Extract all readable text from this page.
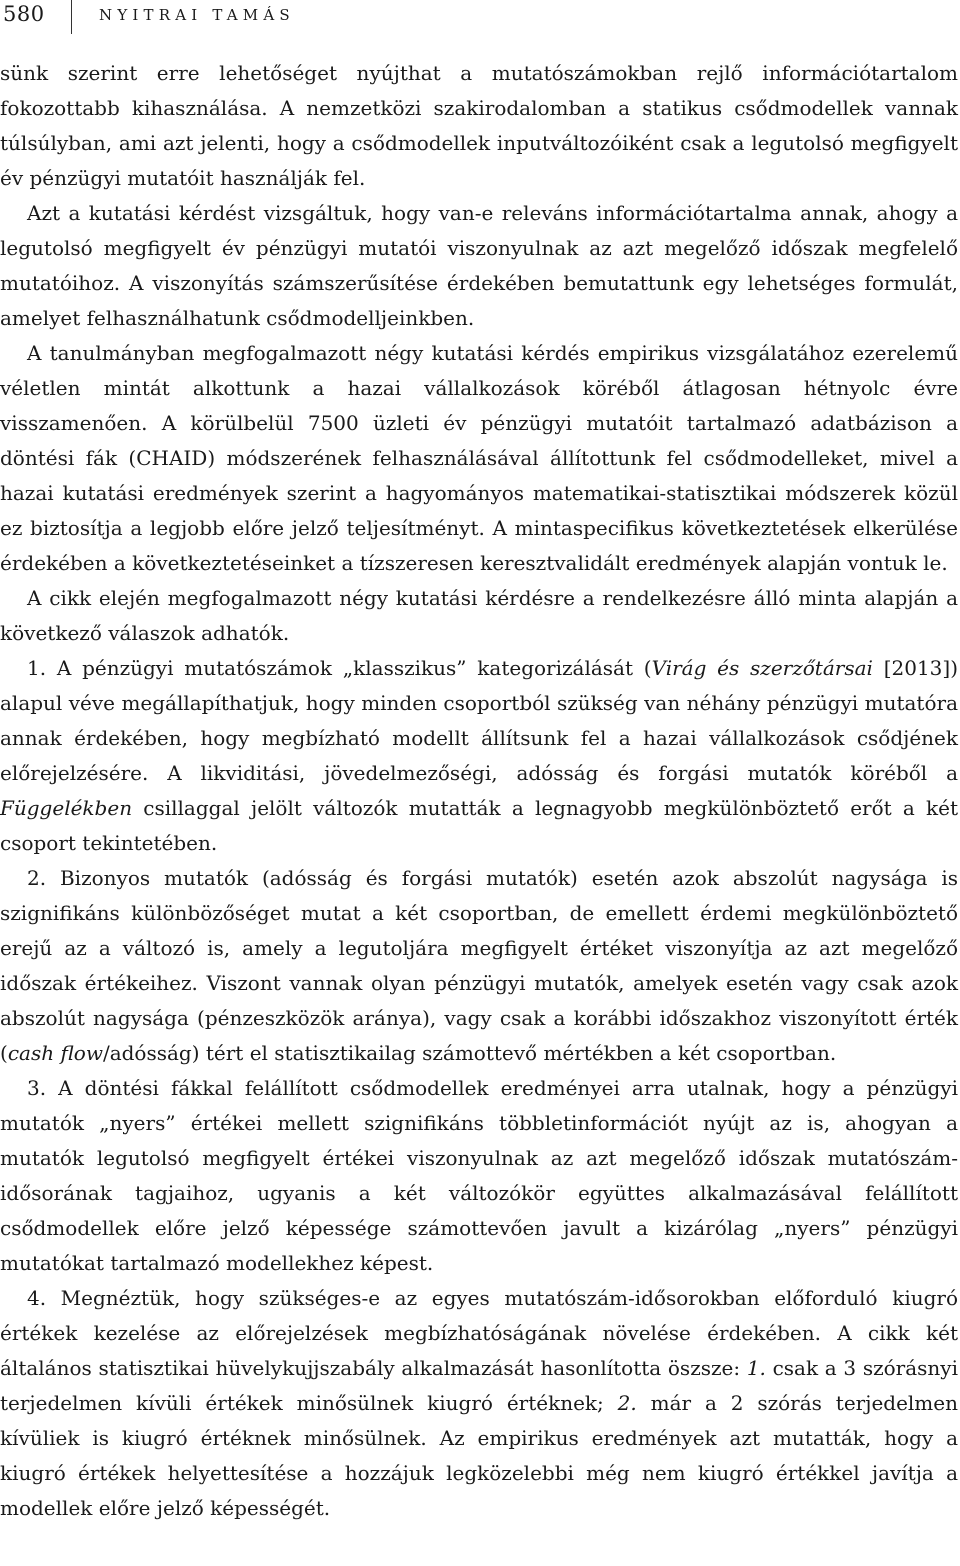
580	NYITRAI TAMÁS

sünk szerint erre lehetőséget nyújthat a mutatószámokban rejlő információtartalom fokozottabb kihasználása. A nemzetközi szakirodalomban a statikus csődmodellek vannak túlsúlyban, ami azt jelenti, hogy a csődmodellek inputváltozóiként csak a legutolsó megfigyelt év pénzügyi mutatóit használják fel.

Azt a kutatási kérdést vizsgáltuk, hogy van-e releváns információtartalma annak, ahogy a legutolsó megfigyelt év pénzügyi mutatói viszonyulnak az azt megelőző időszak megfelelő mutatóihoz. A viszonyítás számszerűsítése érdekében bemutattunk egy lehetséges formulát, amelyet felhasználhatunk csődmodelljeinkben.

A tanulmányban megfogalmazott négy kutatási kérdés empirikus vizsgálatához ezerelemű véletlen mintát alkottunk a hazai vállalkozások köréből átlagosan hétnyolc évre visszamenően. A körülbelül 7500 üzleti év pénzügyi mutatóit tartalmazó adatbázison a döntési fák (CHAID) módszerének felhasználásával állítottunk fel csődmodelleket, mivel a hazai kutatási eredmények szerint a hagyományos matematikai-statisztikai módszerek közül ez biztosítja a legjobb előre jelző teljesítményt. A mintaspecifikus következtetések elkerülése érdekében a következtetéseinket a tízszeresen keresztvalidált eredmények alapján vontuk le.

A cikk elején megfogalmazott négy kutatási kérdésre a rendelkezésre álló minta alapján a következő válaszok adhatók.

1. A pénzügyi mutatószámok „klasszikus” kategorizálását (Virág és szerzőtársai [2013]) alapul véve megállapíthatjuk, hogy minden csoportból szükség van néhány pénzügyi mutatóra annak érdekében, hogy megbízható modellt állítsunk fel a hazai vállalkozások csődjének előrejelzésére. A likviditási, jövedelmezőségi, adósság és forgási mutatók köréből a Függelékben csillaggal jelölt változók mutatták a legnagyobb megkülönböztető erőt a két csoport tekintetében.

2. Bizonyos mutatók (adósság és forgási mutatók) esetén azok abszolút nagysága is szignifikáns különbözőséget mutat a két csoportban, de emellett érdemi megkülönböztető erejű az a változó is, amely a legutoljára megfigyelt értéket viszonyítja az azt megelőző időszak értékeihez. Viszont vannak olyan pénzügyi mutatók, amelyek esetén vagy csak azok abszolút nagysága (pénzeszközök aránya), vagy csak a korábbi időszakhoz viszonyított érték (cash flow/adósság) tért el statisztikailag számottevő mértékben a két csoportban.

3. A döntési fákkal felállított csődmodellek eredményei arra utalnak, hogy a pénzügyi mutatók „nyers” értékei mellett szignifikáns többletinformációt nyújt az is, ahogyan a mutatók legutolsó megfigyelt értékei viszonyulnak az azt megelőző időszak mutatószám-idősorának tagjaihoz, ugyanis a két változókör együttes alkalmazásával felállított csődmodellek előre jelző képessége számottevően javult a kizárólag „nyers” pénzügyi mutatókat tartalmazó modellekhez képest.

4. Megnéztük, hogy szükséges-e az egyes mutatószám-idősorokban előforduló kiugró értékek kezelése az előrejelzések megbízhatóságának növelése érdekében. A cikk két általános statisztikai hüvelykujjszabály alkalmazását hasonlította öszsze: 1. csak a 3 szórásnyi terjedelmen kívüli értékek minősülnek kiugró értéknek; 2. már a 2 szórás terjedelmen kívüliek is kiugró értéknek minősülnek. Az empirikus eredmények azt mutatták, hogy a kiugró értékek helyettesítése a hozzájuk legközelebbi még nem kiugró értékkel javítja a modellek előre jelző képességét.
